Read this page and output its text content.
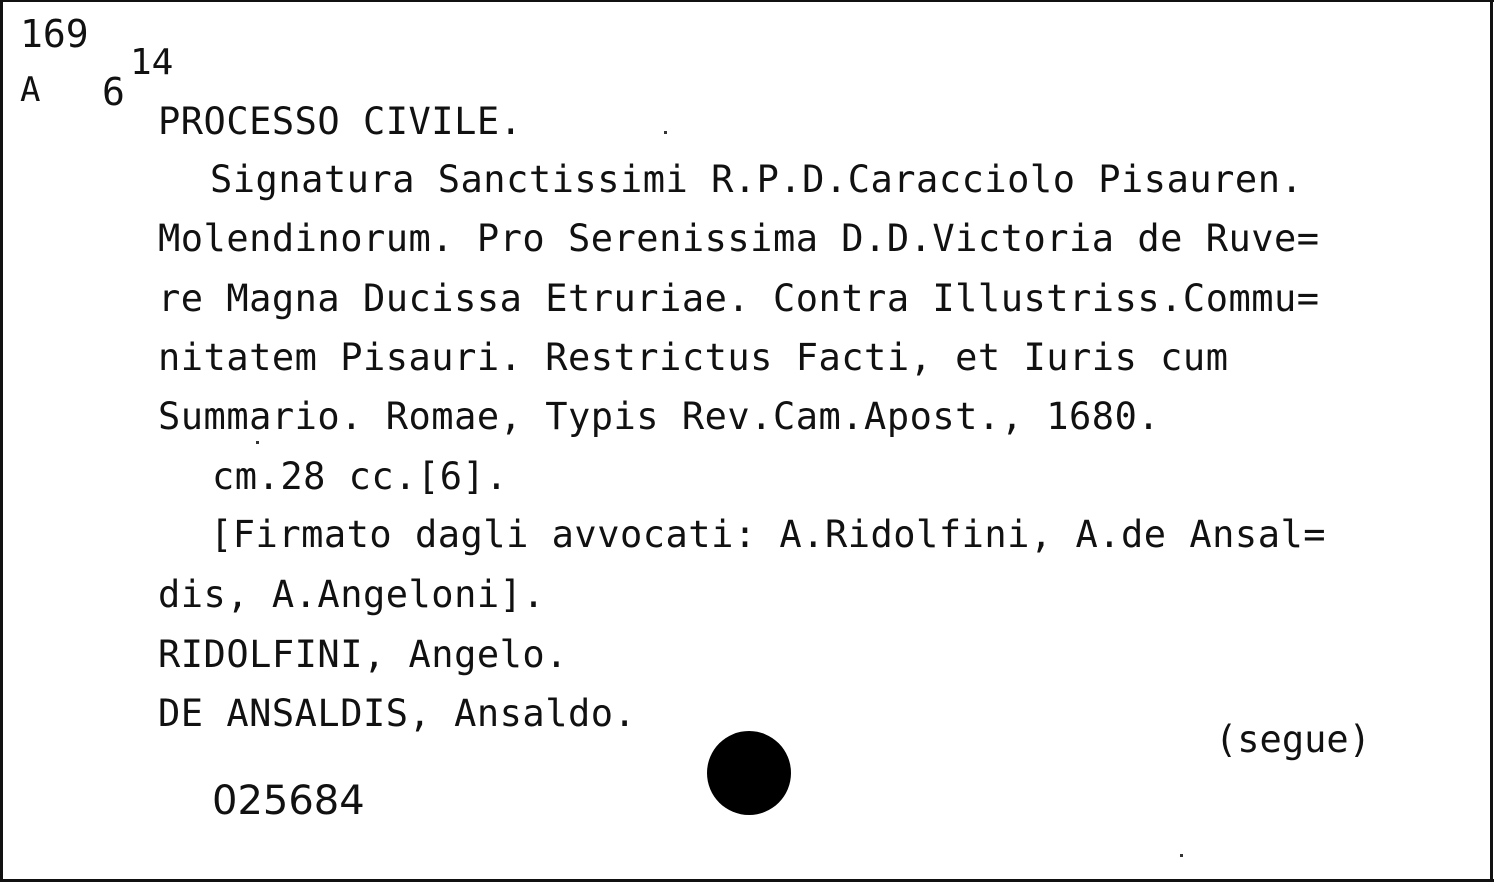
169
A 6
14
PROCESSO CIVILE.
Signatura Sanctissimi R.P.D.Caracciolo Pisauren.
Molendinorum. Pro Serenissima D.D.Victoria de Ruve=
re Magna Ducissa Etruriae. Contra Illustriss.Commu=
nitatem Pisauri. Restrictus Facti, et Iuris cum
Summario. Romae, Typis Rev.Cam.Apost., 1680.
cm.28 cc.[6].
[Firmato dagli avvocati: A.Ridolfini, A.de Ansal=
dis, A.Angeloni].
RIDOLFINI, Angelo.
DE ANSALDIS, Ansaldo.
(segue)
025684
